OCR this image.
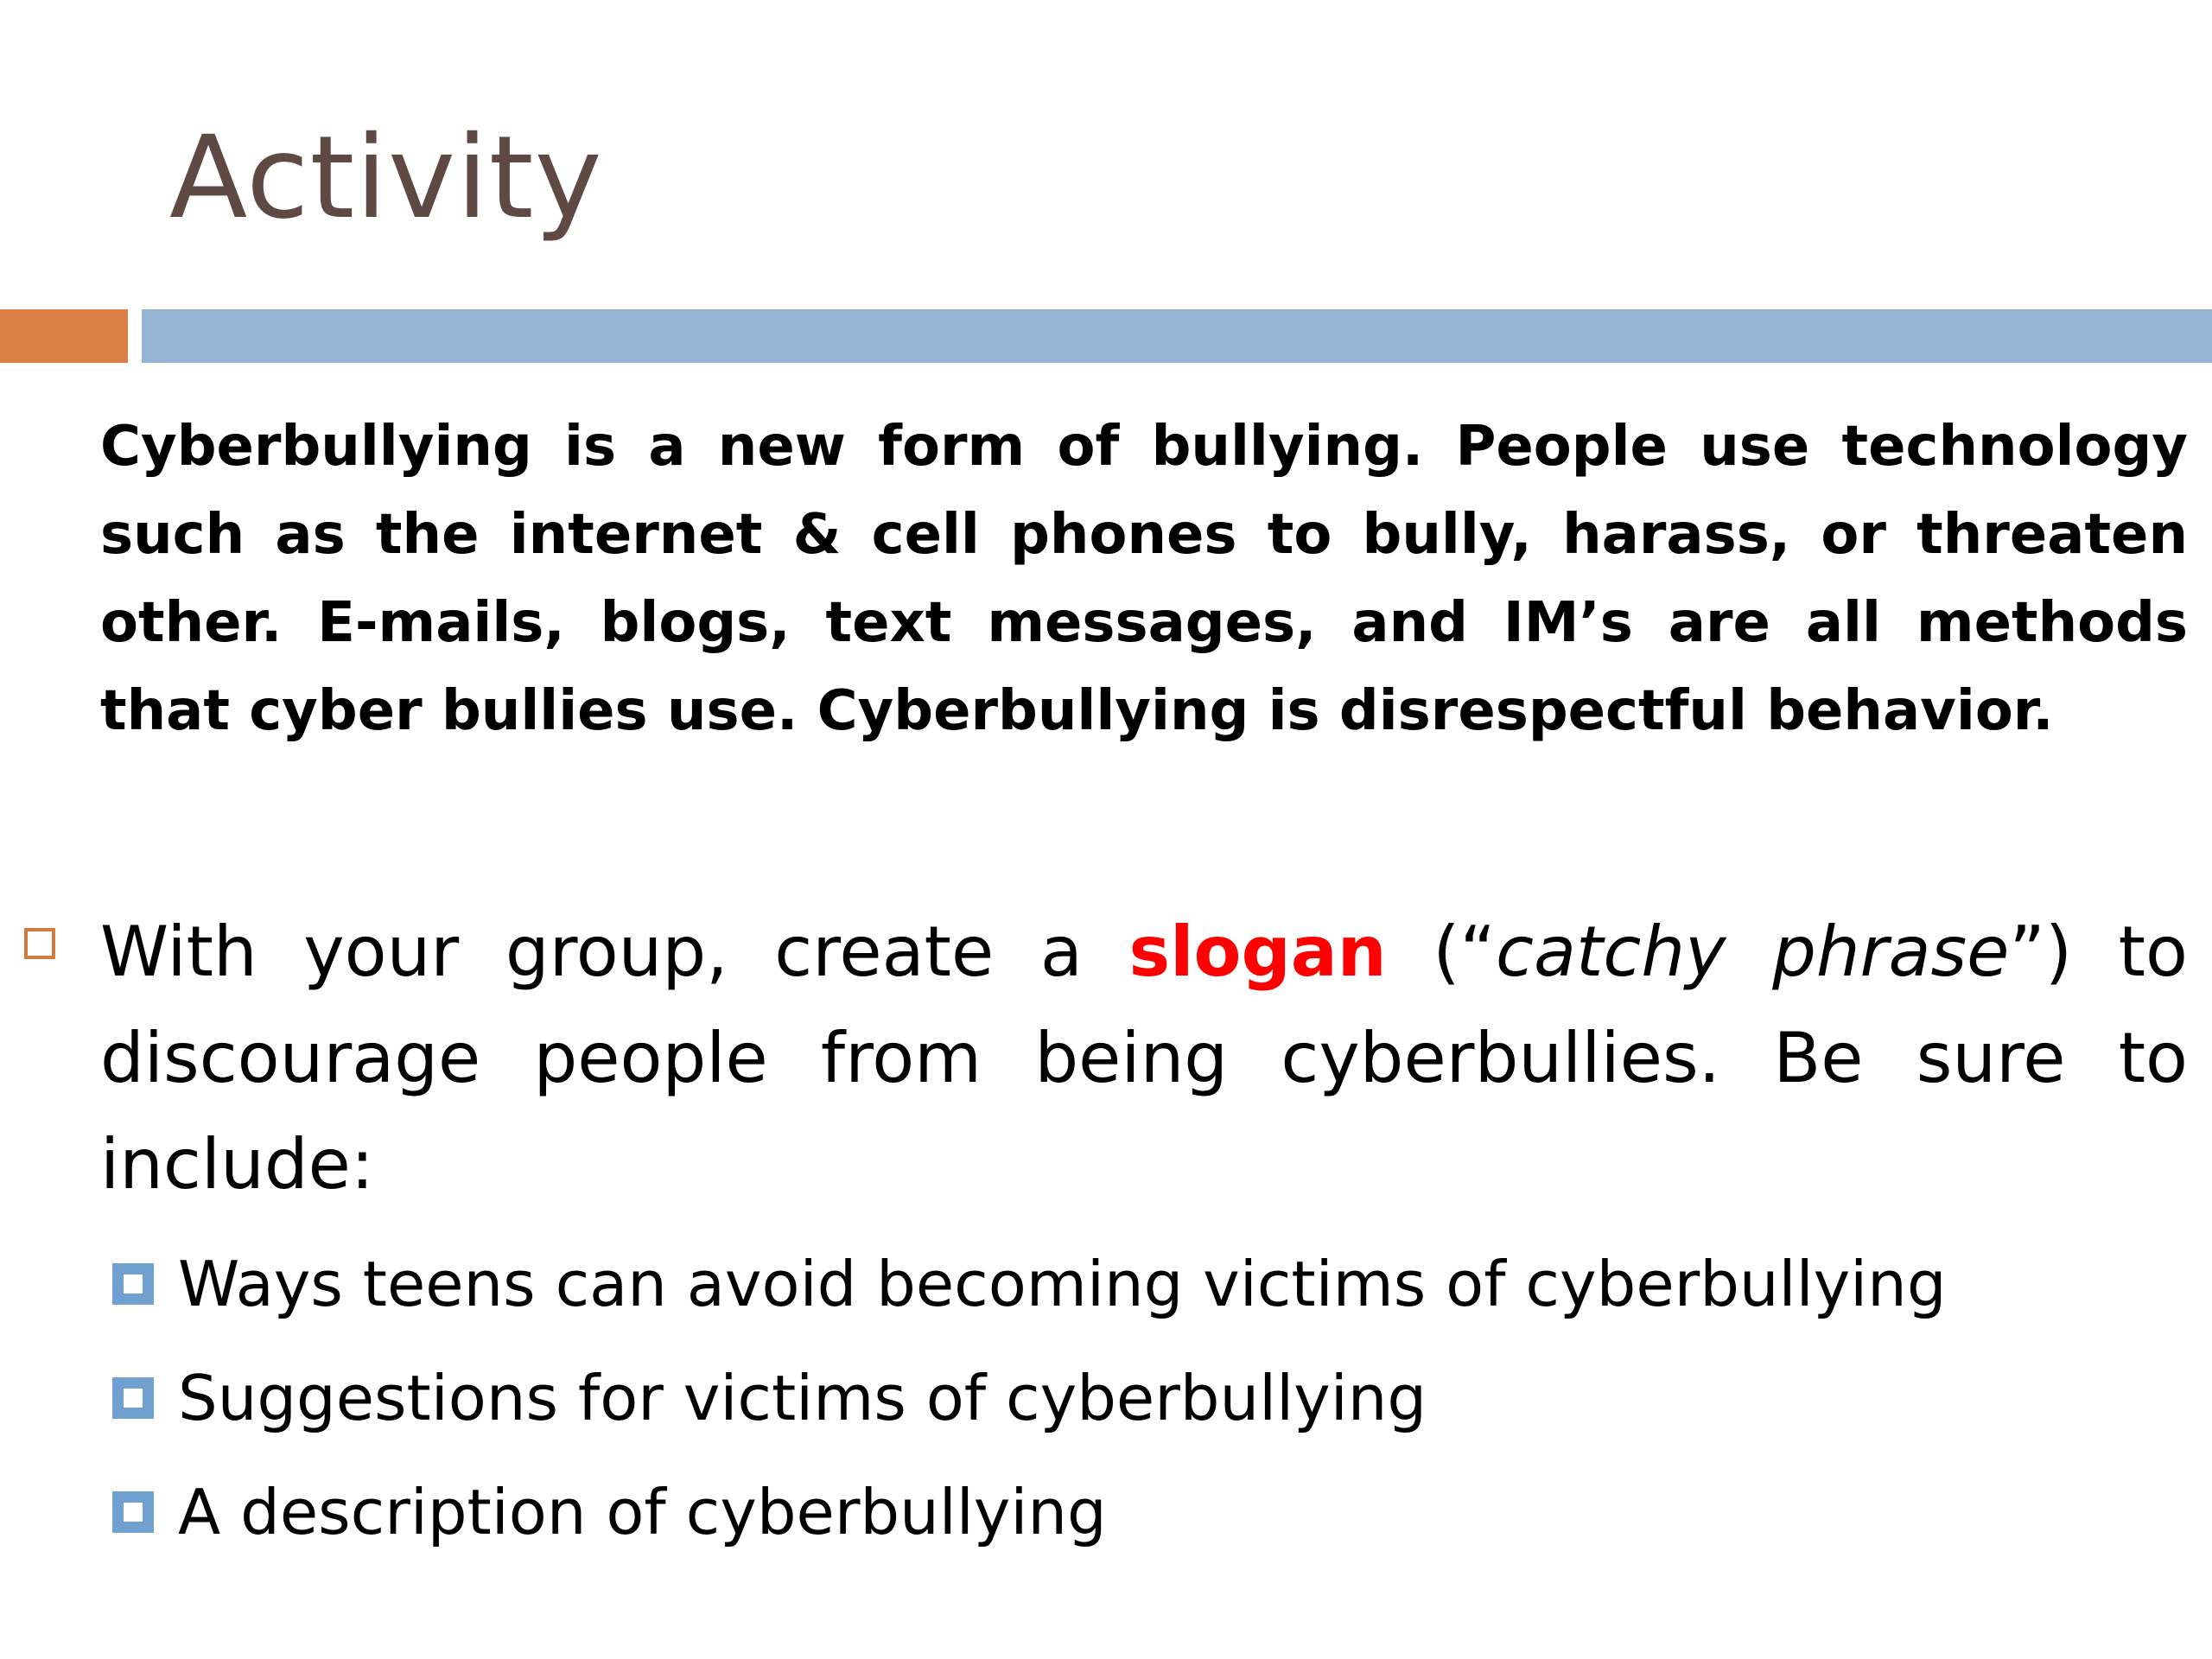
Activity

Cyberbullying is a new form of bullying. People use technology such as the internet & cell phones to bully, harass, or threaten other. E-mails, blogs, text messages, and IM’s are all methods that cyber bullies use. Cyberbullying is disrespectful behavior.

With your group, create a slogan (“catchy phrase”) to discourage people from being cyberbullies. Be sure to include:

Ways teens can avoid becoming victims of cyberbullying
Suggestions for victims of cyberbullying
A description of cyberbullying
